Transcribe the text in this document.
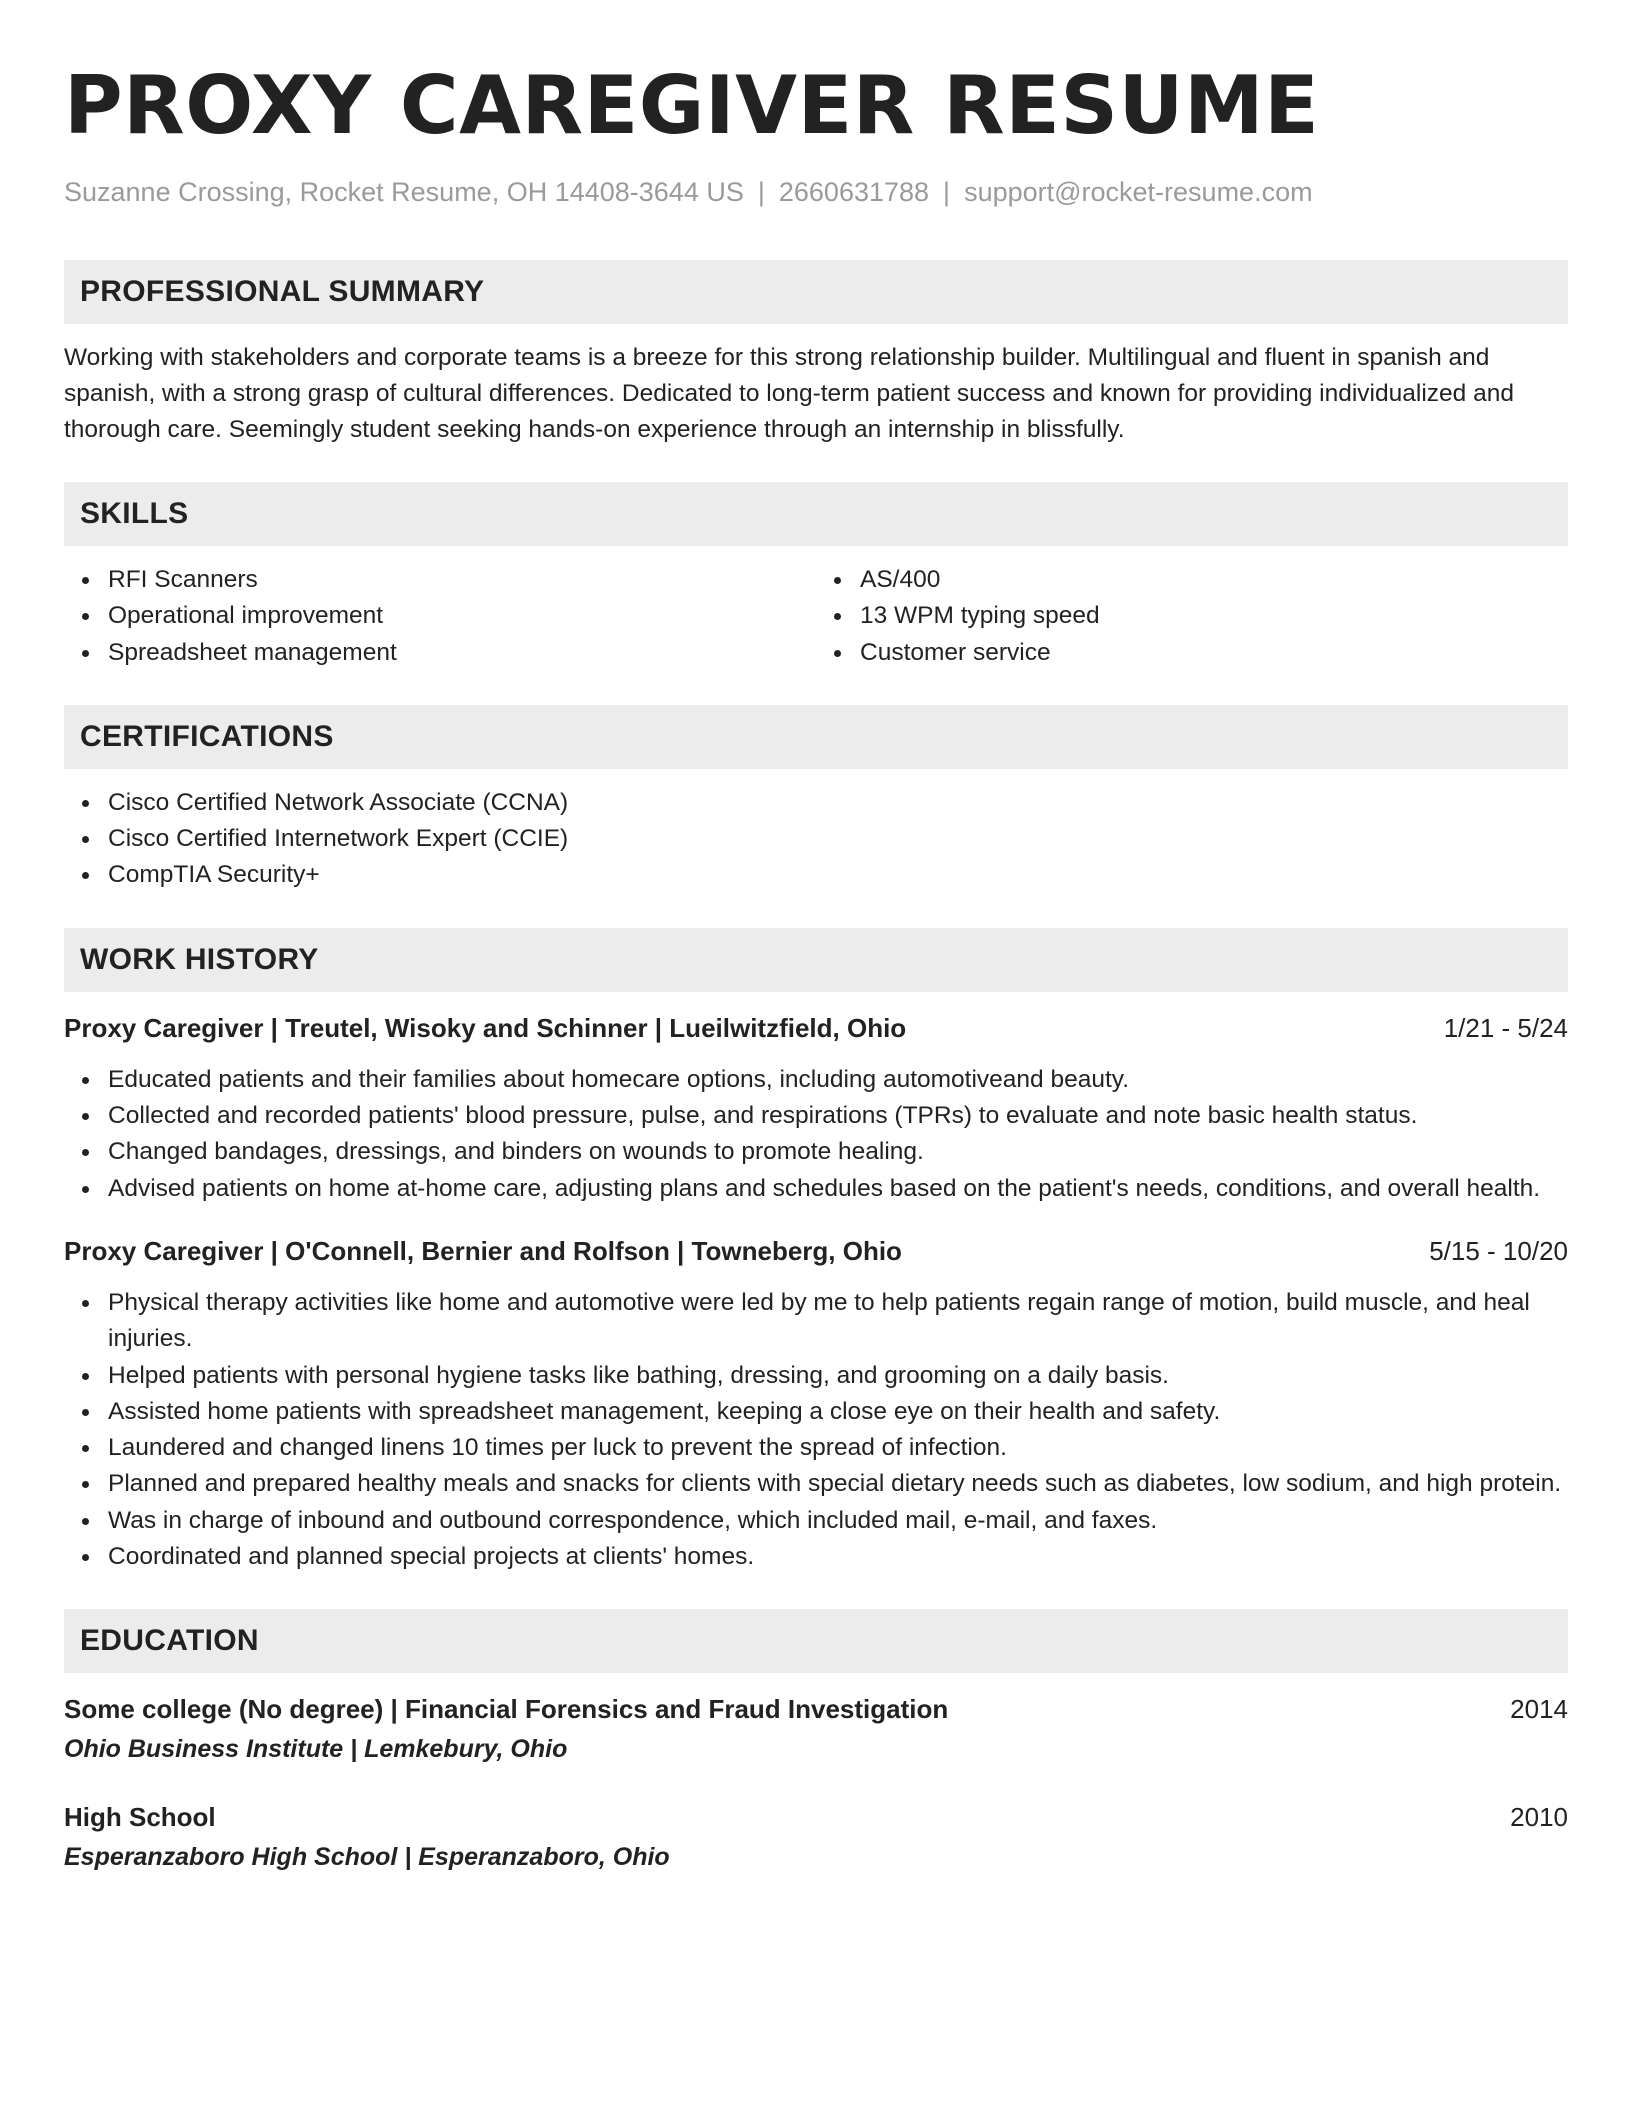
PROXY CAREGIVER RESUME
Suzanne Crossing, Rocket Resume, OH 14408-3644 US | 2660631788 | support@rocket-resume.com
PROFESSIONAL SUMMARY

Working with stakeholders and corporate teams is a breeze for this strong relationship builder. Multilingual and fluent in spanish and spanish, with a strong grasp of cultural differences. Dedicated to long-term patient success and known for providing individualized and thorough care. Seemingly student seeking hands-on experience through an internship in blissfully.

SKILLS
RFI Scanners
Operational improvement
Spreadsheet management
AS/400
13 WPM typing speed
Customer service
CERTIFICATIONS
Cisco Certified Network Associate (CCNA)
Cisco Certified Internetwork Expert (CCIE)
CompTIA Security+
WORK HISTORY
Proxy Caregiver | Treutel, Wisoky and Schinner | Lueilwitzfield, Ohio	1/21 - 5/24
Educated patients and their families about homecare options, including automotiveand beauty.
Collected and recorded patients' blood pressure, pulse, and respirations (TPRs) to evaluate and note basic health status.
Changed bandages, dressings, and binders on wounds to promote healing.
Advised patients on home at-home care, adjusting plans and schedules based on the patient's needs, conditions, and overall health.
Proxy Caregiver | O'Connell, Bernier and Rolfson | Towneberg, Ohio	5/15 - 10/20
Physical therapy activities like home and automotive were led by me to help patients regain range of motion, build muscle, and heal injuries.
Helped patients with personal hygiene tasks like bathing, dressing, and grooming on a daily basis.
Assisted home patients with spreadsheet management, keeping a close eye on their health and safety.
Laundered and changed linens 10 times per luck to prevent the spread of infection.
Planned and prepared healthy meals and snacks for clients with special dietary needs such as diabetes, low sodium, and high protein.
Was in charge of inbound and outbound correspondence, which included mail, e-mail, and faxes.
Coordinated and planned special projects at clients' homes.
EDUCATION
Some college (No degree) | Financial Forensics and Fraud Investigation	2014
Ohio Business Institute | Lemkebury, Ohio
High School	2010
Esperanzaboro High School | Esperanzaboro, Ohio
